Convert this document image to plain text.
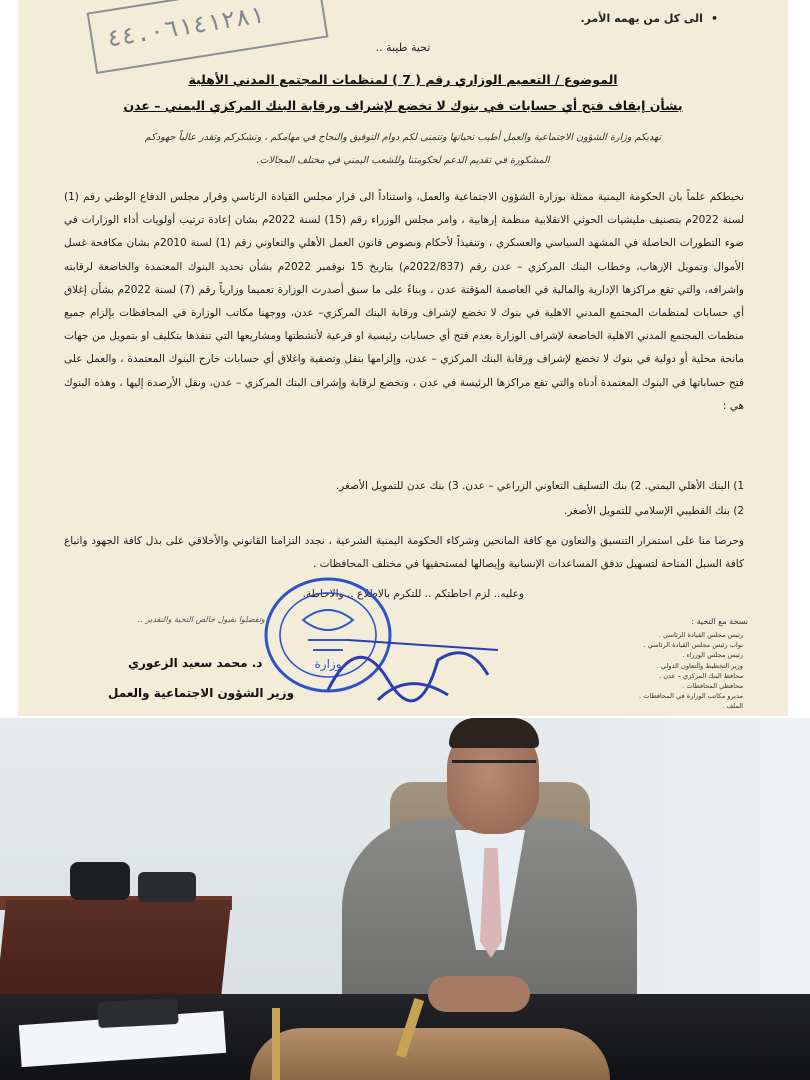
٤٤.٠٦١٤١٢٨١
•	الى كل من يهمه الأمر.
تحية طيبة ..
الموضوع / التعميم الوزاري رقم ( 7 ) لمنظمات المجتمع المدني الأهلية
بشأن إيقاف فتح أي حسابات في بنوك لا تخضع لإشراف ورقابة البنك المركزي اليمني – عدن
تهديكم وزارة الشؤون الاجتماعية والعمل أطيب تحياتها وتتمنى لكم دوام التوفيق والنجاح في مهامكم ، وتشكركم وتقدر عالياً جهودكم
المشكورة في تقديم الدعم لحكومتنا وللشعب اليمني في مختلف المجالات.

نحيطكم علماً بان الحكومة اليمنية ممثلة بوزارة الشؤون الاجتماعية والعمل، واستناداً الى قرار مجلس القيادة الرئاسي وقرار مجلس الدفاع الوطني رقم (1) لسنة 2022م بتصنيف مليشيات الحوثي الانقلابية منظمة إرهابية ، وامر مجلس الوزراء رقم (15) لسنة 2022م بشان إعادة ترتيب أولويات أداء الوزارات في ضوء التطورات الحاصلة في المشهد السياسي والعسكري ، وتنفيذاً لأحكام ونصوص قانون العمل الأهلي والتعاوني رقم (1) لسنة 2010م بشان مكافحة غسل الأموال وتمويل الإرهاب، وخطاب البنك المركزي – عدن رقم (2022/837م) بتاريخ 15 نوفمبر 2022م بشأن تحديد البنوك المعتمدة والخاضعة لرقابته واشرافه، والتي تقع مراكزها الإدارية والمالية في العاصمة المؤقتة عدن ، وبناءً على ما سبق أصدرت الوزارة تعميما وزارياً رقم (7) لسنة 2022م بشأن إغلاق أي حسابات لمنظمات المجتمع المدني الاهلية في بنوك لا تخضع لإشراف ورقابة البنك المركزي– عدن، ووجهنا مكاتب الوزارة في المحافظات بإلزام جميع منظمات المجتمع المدني الاهلية الخاضعة لإشراف الوزارة بعدم فتح أي حسابات رئيسية او فرعية لأنشطتها ومشاريعها التي تنفذها بتكليف او بتمويل من جهات مانحة محلية أو دولية في بنوك لا تخضع لإشراف ورقابة البنك المركزي – عدن، وإلزامها بنقل وتصفية واغلاق أي حسابات خارج البنوك المعتمدة ، والعمل على فتح حساباتها في البنوك المعتمدة أدناه والتي تقع مراكزها الرئيسة في عدن ، وتخضع لرقابة وإشراف البنك المركزي – عدن، ونقل الأرصدة إليها ، وهذه البنوك هي :

1) البنك الأهلي اليمني. 2) بنك التسليف التعاوني الزراعي – عدن. 3) بنك عدن للتمويل الأصغر.
2) بنك القطيبي الإسلامي للتمويل الأصغر.
وحرصا منا على استمرار التنسيق والتعاون مع كافة المانحين وشركاء الحكومة اليمنية الشرعية ، نجدد التزامنا القانوني والأخلاقي على بذل كافة الجهود واتباع كافة السبل المتاحة لتسهيل تدفق المساعدات الإنسانية وإيصالها لمستحقيها في مختلف المحافظات .
وعليه.. لزم احاطتكم .. للتكرم بالاطلاع .. والاحاطة.
وتفضلوا بقبول خالص التحية والتقدير ..
وزارة
د. محمد سعيد الزعوري
وزير الشؤون الاجتماعية والعمل
نسخة مع التحية :
رئيس مجلس القيادة الرئاسي .
نواب رئيس مجلس القيادة الرئاسي .
رئيس مجلس الوزراء .
وزير التخطيط والتعاون الدولي .
محافظ البنك المركزي – عدن .
محافظي المحافظات .
مديرو مكاتب الوزارة في المحافظات .
الملف .
